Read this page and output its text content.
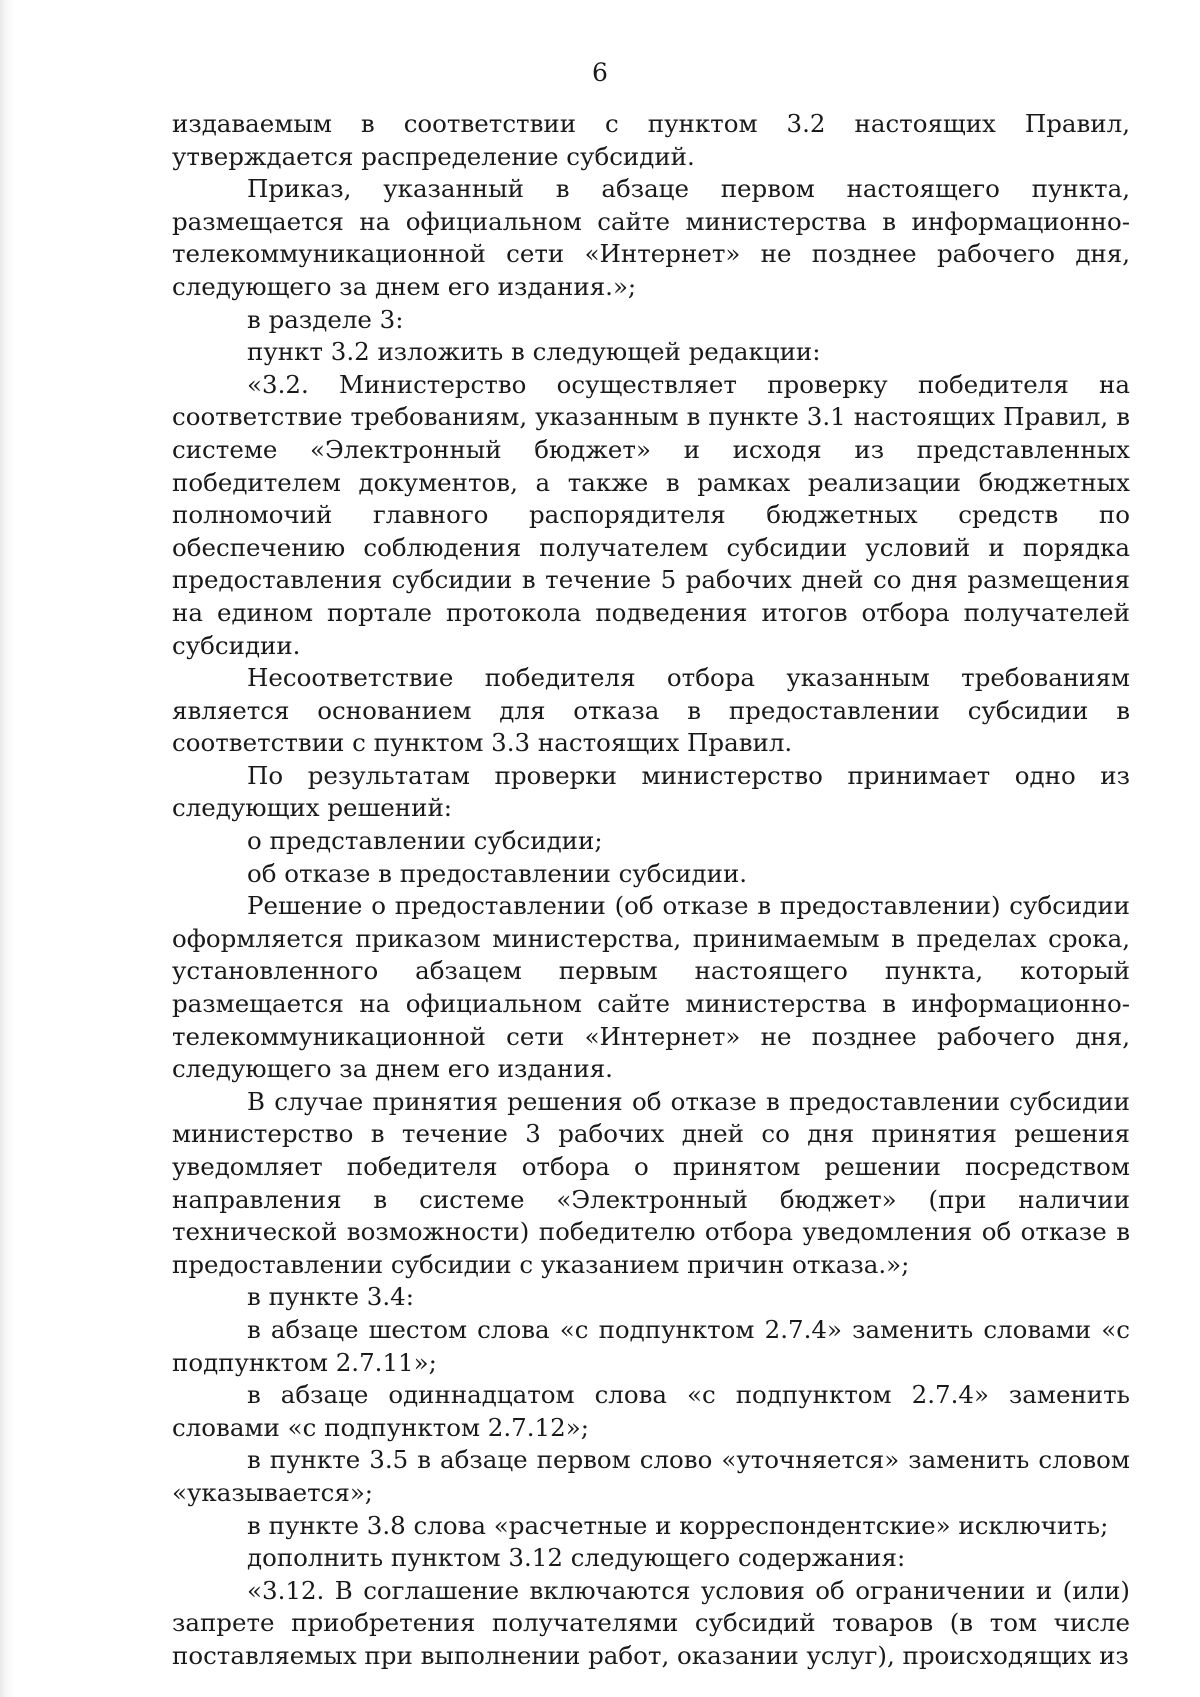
6

издаваемым в соответствии с пунктом 3.2 настоящих Правил, утверждается распределение субсидий.

Приказ, указанный в абзаце первом настоящего пункта, размещается на официальном сайте министерства в информационно-телекоммуникационной сети «Интернет» не позднее рабочего дня, следующего за днем его издания.»;

в разделе 3:

пункт 3.2 изложить в следующей редакции:

«3.2. Министерство осуществляет проверку победителя на соответствие требованиям, указанным в пункте 3.1 настоящих Правил, в системе «Электронный бюджет» и исходя из представленных победителем документов, а также в рамках реализации бюджетных полномочий главного распорядителя бюджетных средств по обеспечению соблюдения получателем субсидии условий и порядка предоставления субсидии в течение 5 рабочих дней со дня размещения на едином портале протокола подведения итогов отбора получателей субсидии.

Несоответствие победителя отбора указанным требованиям является основанием для отказа в предоставлении субсидии в соответствии с пунктом 3.3 настоящих Правил.

По результатам проверки министерство принимает одно из следующих решений:

о представлении субсидии;

об отказе в предоставлении субсидии.

Решение о предоставлении (об отказе в предоставлении) субсидии оформляется приказом министерства, принимаемым в пределах срока, установленного абзацем первым настоящего пункта, который размещается на официальном сайте министерства в информационно-телекоммуникационной сети «Интернет» не позднее рабочего дня, следующего за днем его издания.

В случае принятия решения об отказе в предоставлении субсидии министерство в течение 3 рабочих дней со дня принятия решения уведомляет победителя отбора о принятом решении посредством направления в системе «Электронный бюджет» (при наличии технической возможности) победителю отбора уведомления об отказе в предоставлении субсидии с указанием причин отказа.»;

в пункте 3.4:

в абзаце шестом слова «с подпунктом 2.7.4» заменить словами «с подпунктом 2.7.11»;

в абзаце одиннадцатом слова «с подпунктом 2.7.4» заменить словами «с подпунктом 2.7.12»;

в пункте 3.5 в абзаце первом слово «уточняется» заменить словом «указывается»;

в пункте 3.8 слова «расчетные и корреспондентские» исключить;

дополнить пунктом 3.12 следующего содержания:

«3.12. В соглашение включаются условия об ограничении и (или) запрете приобретения получателями субсидий товаров (в том числе поставляемых при выполнении работ, оказании услуг), происходящих из
